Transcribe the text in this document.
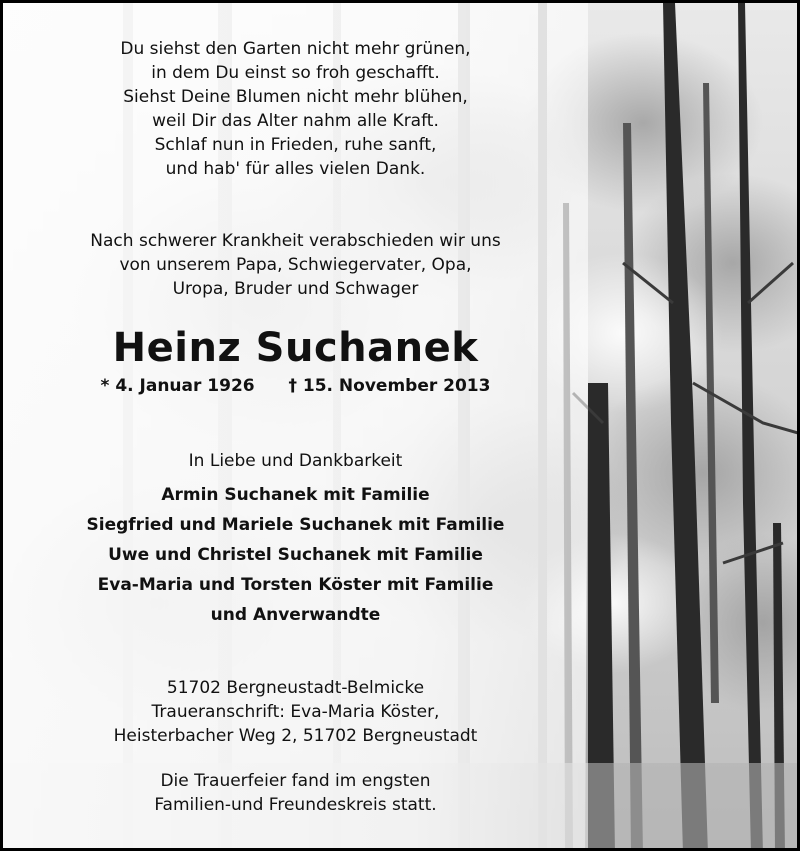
Du siehst den Garten nicht mehr grünen,
in dem Du einst so froh geschafft.
Siehst Deine Blumen nicht mehr blühen,
weil Dir das Alter nahm alle Kraft.
Schlaf nun in Frieden, ruhe sanft,
und hab' für alles vielen Dank.
Nach schwerer Krankheit verabschieden wir uns
von unserem Papa, Schwiegervater, Opa,
Uropa, Bruder und Schwager
Heinz Suchanek
* 4. Januar 1926 † 15. November 2013
In Liebe und Dankbarkeit
Armin Suchanek mit Familie
Siegfried und Mariele Suchanek mit Familie
Uwe und Christel Suchanek mit Familie
Eva-Maria und Torsten Köster mit Familie
und Anverwandte
51702 Bergneustadt-Belmicke
Traueranschrift: Eva-Maria Köster,
Heisterbacher Weg 2, 51702 Bergneustadt
Die Trauerfeier fand im engsten
Familien-und Freundeskreis statt.
